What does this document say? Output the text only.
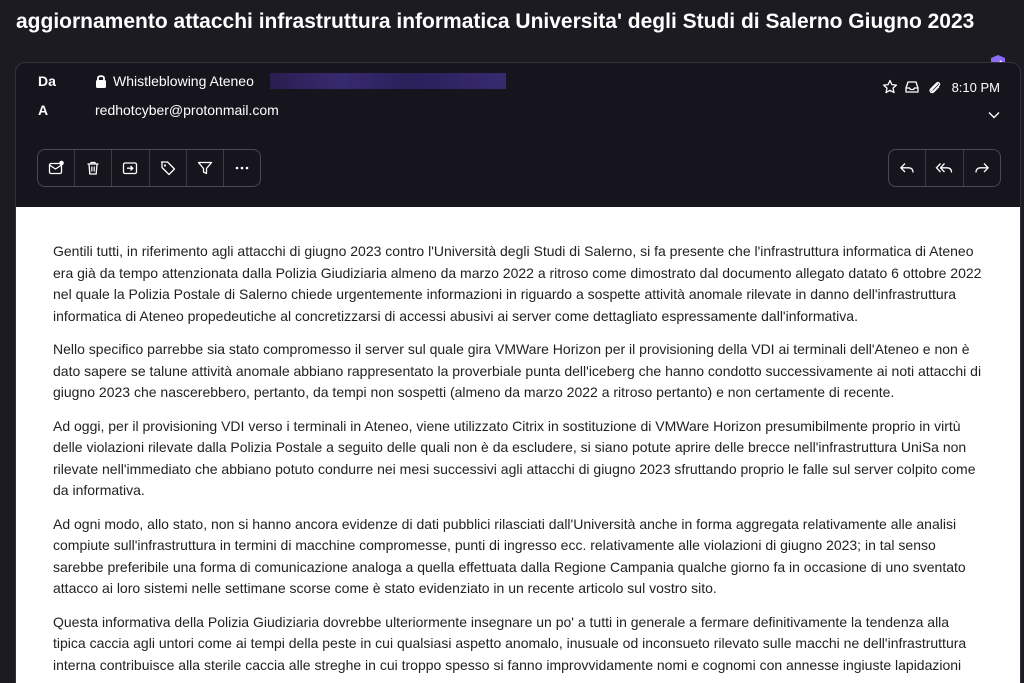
aggiornamento attacchi infrastruttura informatica Universita' degli Studi di Salerno Giugno 2023
Da	Whistleblowing Ateneo
A	redhotcyber@protonmail.com
8:10 PM

Gentili tutti, in riferimento agli attacchi di giugno 2023 contro l'Università degli Studi di Salerno, si fa presente che l'infrastruttura informatica di Ateneo era già da tempo attenzionata dalla Polizia Giudiziaria almeno da marzo 2022 a ritroso come dimostrato dal documento allegato datato 6 ottobre 2022 nel quale la Polizia Postale di Salerno chiede urgentemente informazioni in riguardo a sospette attività anomale rilevate in danno dell'infrastruttura informatica di Ateneo propedeutiche al concretizzarsi di accessi abusivi ai server come dettagliato espressamente dall'informativa.

Nello specifico parrebbe sia stato compromesso il server sul quale gira VMWare Horizon per il provisioning della VDI ai terminali dell'Ateneo e non è dato sapere se talune attività anomale abbiano rappresentato la proverbiale punta dell'iceberg che hanno condotto successivamente ai noti attacchi di giugno 2023 che nascerebbero, pertanto, da tempi non sospetti (almeno da marzo 2022 a ritroso pertanto) e non certamente di recente.

Ad oggi, per il provisioning VDI verso i terminali in Ateneo, viene utilizzato Citrix in sostituzione di VMWare Horizon presumibilmente proprio in virtù delle violazioni rilevate dalla Polizia Postale a seguito delle quali non è da escludere, si siano potute aprire delle brecce nell'infrastruttura UniSa non rilevate nell'immediato che abbiano potuto condurre nei mesi successivi agli attacchi di giugno 2023 sfruttando proprio le falle sul server colpito come da informativa.

Ad ogni modo, allo stato, non si hanno ancora evidenze di dati pubblici rilasciati dall'Università anche in forma aggregata relativamente alle analisi compiute sull'infrastruttura in termini di macchine compromesse, punti di ingresso ecc. relativamente alle violazioni di giugno 2023; in tal senso sarebbe preferibile una forma di comunicazione analoga a quella effettuata dalla Regione Campania qualche giorno fa in occasione di uno sventato attacco ai loro sistemi nelle settimane scorse come è stato evidenziato in un recente articolo sul vostro sito.

Questa informativa della Polizia Giudiziaria dovrebbe ulteriormente insegnare un po' a tutti in generale a fermare definitivamente la tendenza alla tipica caccia agli untori come ai tempi della peste in cui qualsiasi aspetto anomalo, inusuale od inconsueto rilevato sulle macchi ne dell'infrastruttura interna contribuisce alla sterile caccia alle streghe in cui troppo spesso si fanno improvvidamente nomi e cognomi con annesse ingiuste lapidazioni
